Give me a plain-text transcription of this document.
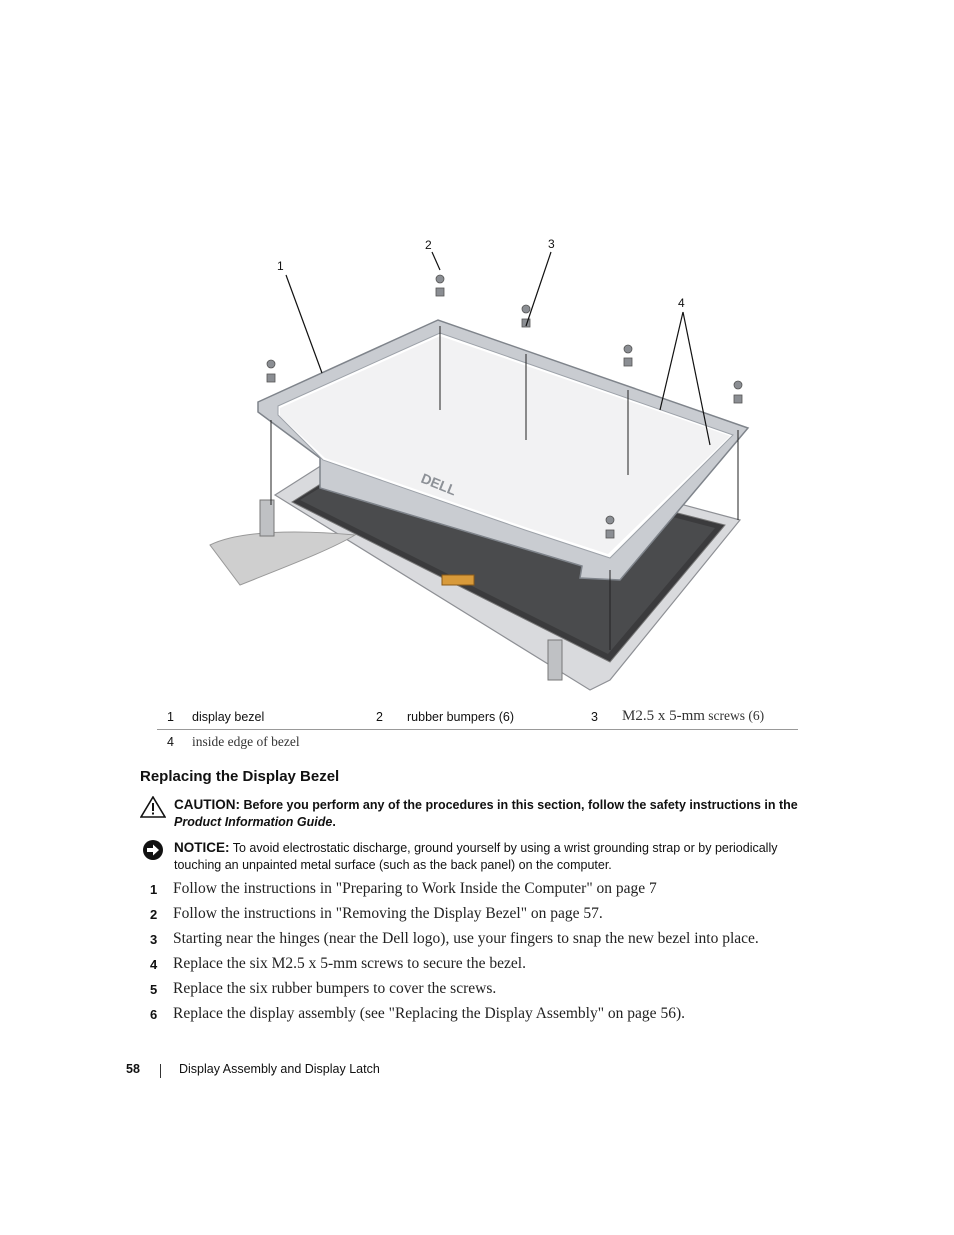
DELL
1
2	3
4
1 display bezel	2 rubber bumpers (6)	3 M2.5 x 5-mm screws (6)
4 inside edge of bezel
Replacing the Display Bezel
CAUTION: Before you perform any of the procedures in this section, follow the safety instructions in the Product Information Guide.
NOTICE: To avoid electrostatic discharge, ground yourself by using a wrist grounding strap or by periodically touching an unpainted metal surface (such as the back panel) on the computer.
1 Follow the instructions in "Preparing to Work Inside the Computer" on page 7
2 Follow the instructions in "Removing the Display Bezel" on page 57.
3 Starting near the hinges (near the Dell logo), use your fingers to snap the new bezel into place.
4 Replace the six M2.5 x 5-mm screws to secure the bezel.
5 Replace the six rubber bumpers to cover the screws.
6 Replace the display assembly (see "Replacing the Display Assembly" on page 56).
58	Display Assembly and Display Latch
